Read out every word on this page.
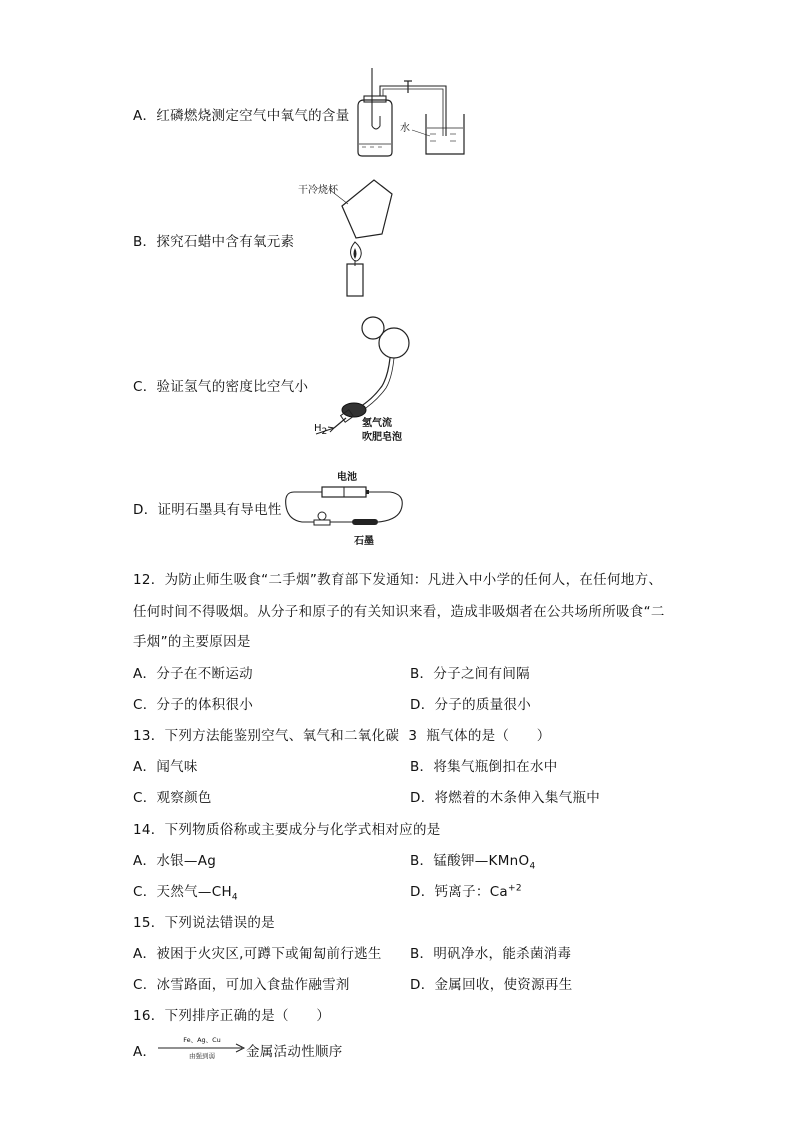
A．红磷燃烧测定空气中氧气的含量
水
B．探究石蜡中含有氧元素
干冷烧杯
C．验证氢气的密度比空气小
$H_2$
氢气流
吹肥皂泡
D．证明石墨具有导电性
电池
石墨
12．为防止师生吸食“二手烟”教育部下发通知：凡进入中小学的任何人，在任何地方、
任何时间不得吸烟。从分子和原子的有关知识来看，造成非吸烟者在公共场所所吸食“二
手烟”的主要原因是
A．分子在不断运动	B．分子之间有间隔
C．分子的体积很小	D．分子的质量很小
13．下列方法能鉴别空气、氧气和二氧化碳  3  瓶气体的是（      ）
A．闻气味	B．将集气瓶倒扣在水中
C．观察颜色	D．将燃着的木条伸入集气瓶中
14．下列物质俗称或主要成分与化学式相对应的是
A．水银—Ag	B．锰酸钾—KMnO$_4$
C．天然气$—CH_4$	D．钙离子：$Ca^{+2}$
15．下列说法错误的是
A．被困于火灾区,可蹲下或匍匐前行逃生 B．明矾净水，能杀菌消毒
C．冰雪路面，可加入食盐作融雪剂	D．金属回收，使资源再生
16．下列排序正确的是（      ）
A．
Fe、Ag、Cu
由强到弱	金属活动性顺序
